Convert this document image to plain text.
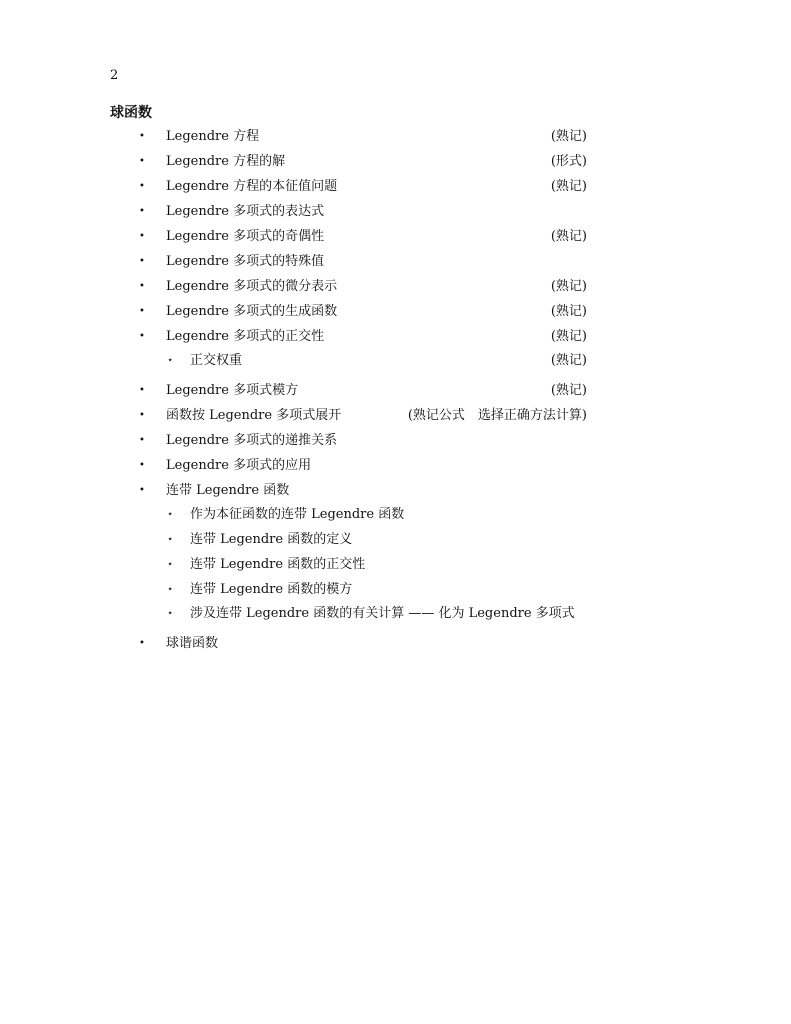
2
球函数
• Legendre 方程	(熟记)
• Legendre 方程的解	(形式)
• Legendre 方程的本征值问题	(熟记)
• Legendre 多项式的表达式
• Legendre 多项式的奇偶性	(熟记)
• Legendre 多项式的特殊值
• Legendre 多项式的微分表示	(熟记)
• Legendre 多项式的生成函数	(熟记)
• Legendre 多项式的正交性	(熟记)
⋆ 正交权重	(熟记)
• Legendre 多项式模方	(熟记)
• 函数按 Legendre 多项式展开	(熟记公式　选择正确方法计算)
• Legendre 多项式的递推关系
• Legendre 多项式的应用
• 连带 Legendre 函数
⋆ 作为本征函数的连带 Legendre 函数
⋆ 连带 Legendre 函数的定义
⋆ 连带 Legendre 函数的正交性
⋆ 连带 Legendre 函数的模方
⋆ 涉及连带 Legendre 函数的有关计算 —— 化为 Legendre 多项式
• 球谐函数
